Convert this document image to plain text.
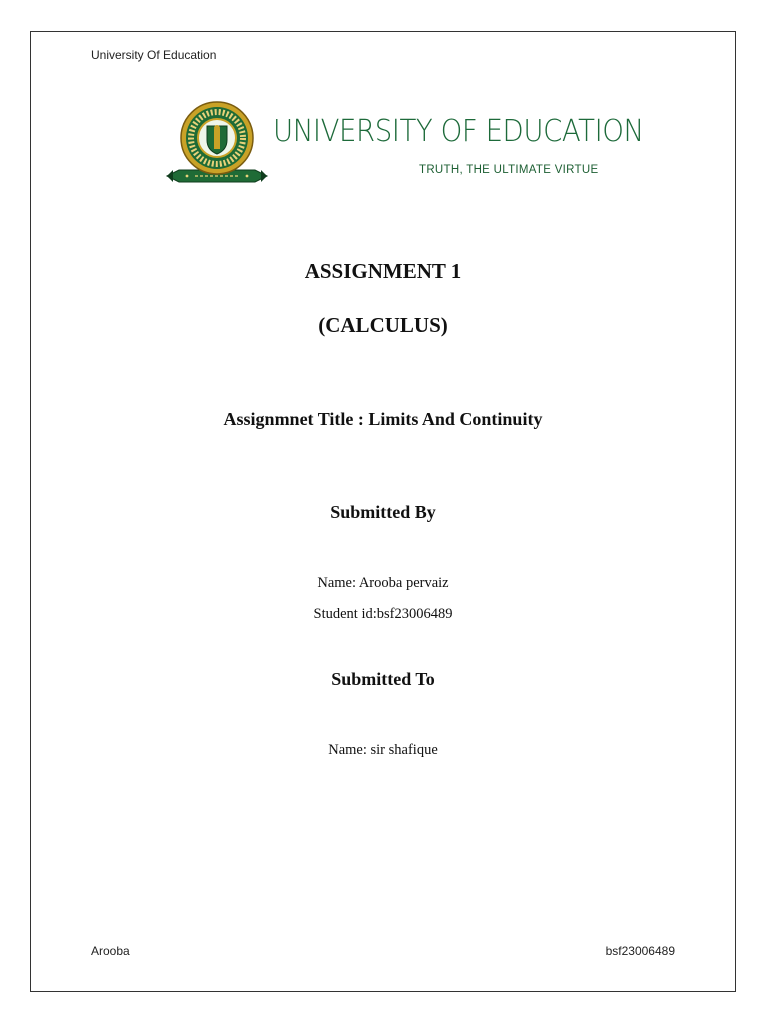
University Of Education
UNIVERSITY OF EDUCATION
TRUTH, THE ULTIMATE VIRTUE
ASSIGNMENT 1
(CALCULUS)
Assignmnet Title : Limits And Continuity
Submitted By
Name: Arooba pervaiz
Student id:bsf23006489
Submitted To
Name: sir shafique
Arooba	bsf23006489
